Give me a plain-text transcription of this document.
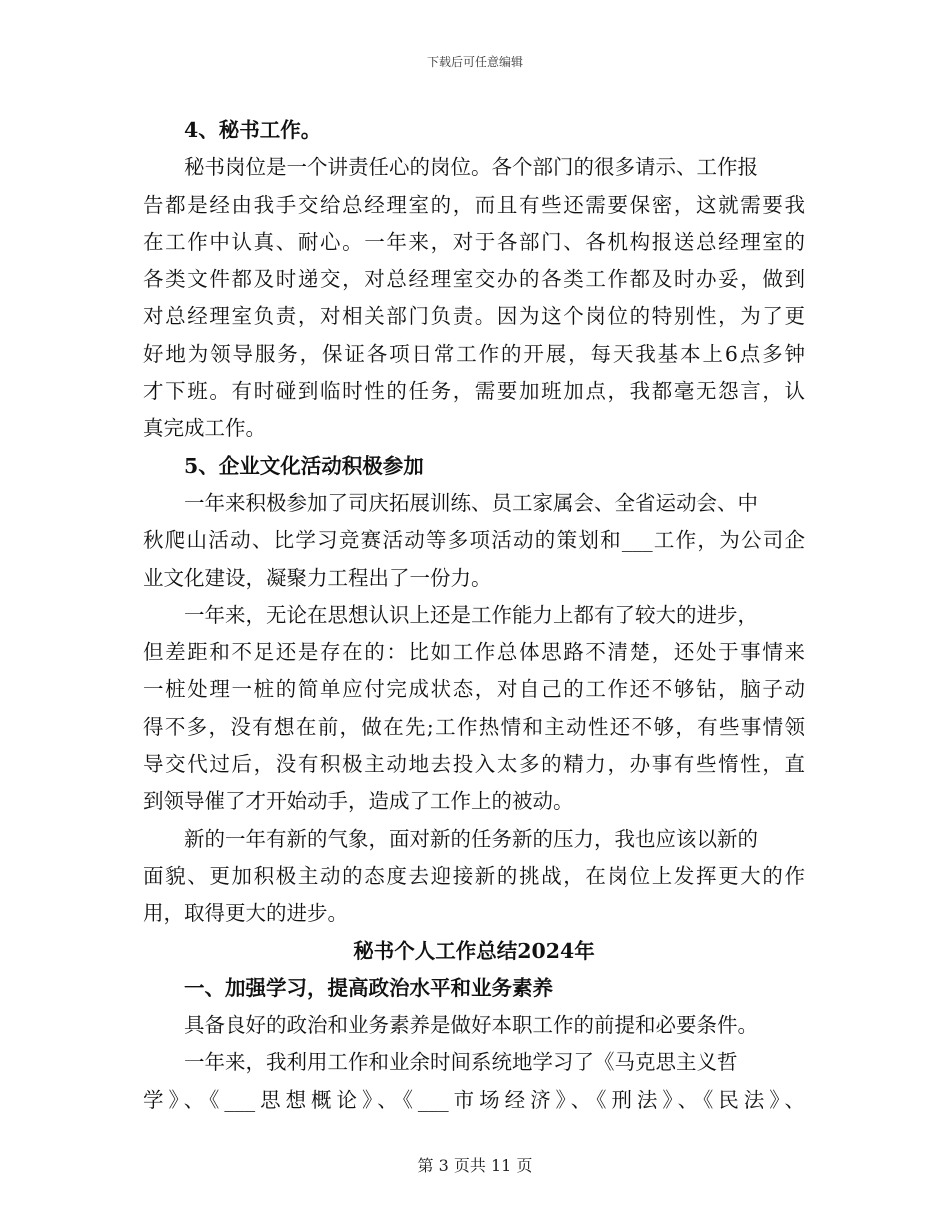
下载后可任意编辑
4、秘书工作。
秘书岗位是一个讲责任心的岗位。各个部门的很多请示、工作报
告都是经由我手交给总经理室的，而且有些还需要保密，这就需要我
在工作中认真、耐心。一年来，对于各部门、各机构报送总经理室的
各类文件都及时递交，对总经理室交办的各类工作都及时办妥，做到
对总经理室负责，对相关部门负责。因为这个岗位的特别性，为了更
好地为领导服务，保证各项日常工作的开展，每天我基本上6点多钟
才下班。有时碰到临时性的任务，需要加班加点，我都毫无怨言，认
真完成工作。
5、企业文化活动积极参加
一年来积极参加了司庆拓展训练、员工家属会、全省运动会、中
秋爬山活动、比学习竞赛活动等多项活动的策划和___工作，为公司企
业文化建设，凝聚力工程出了一份力。
一年来，无论在思想认识上还是工作能力上都有了较大的进步，
但差距和不足还是存在的：比如工作总体思路不清楚，还处于事情来
一桩处理一桩的简单应付完成状态，对自己的工作还不够钻，脑子动
得不多，没有想在前，做在先;工作热情和主动性还不够，有些事情领
导交代过后，没有积极主动地去投入太多的精力，办事有些惰性，直
到领导催了才开始动手，造成了工作上的被动。
新的一年有新的气象，面对新的任务新的压力，我也应该以新的
面貌、更加积极主动的态度去迎接新的挑战，在岗位上发挥更大的作
用，取得更大的进步。
秘书个人工作总结2024年
一、加强学习，提高政治水平和业务素养
具备良好的政治和业务素养是做好本职工作的前提和必要条件。
一年来，我利用工作和业余时间系统地学习了《马克思主义哲
学》、《___思想概论》、《___市场经济》、《刑法》、《民法》、
第 3 页共 11 页
